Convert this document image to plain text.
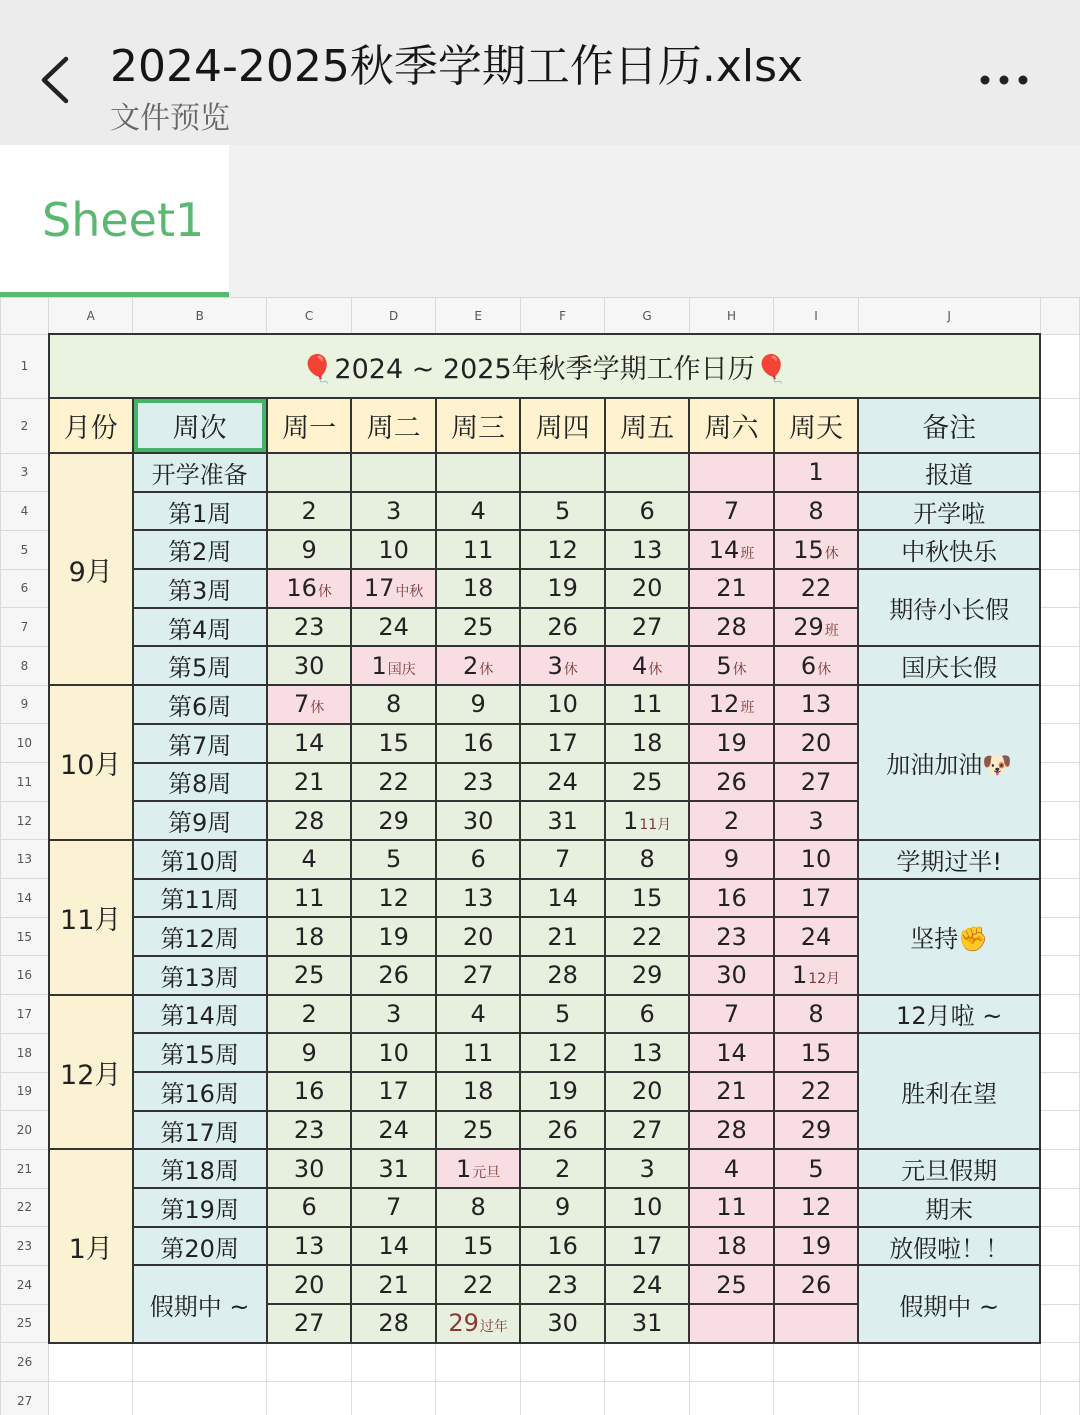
2024-2025秋季学期工作日历.xlsx
文件预览
Sheet1
	A	B	C	D	E	F	G	H	I	J	
1	🎈2024 ~ 2025年秋季学期工作日历🎈										
2	月份	周次	周一	周二	周三	周四	周五	周六	周天	备注	
3	9月	开学准备							1	报道	
4		第1周	2	3	4	5	6	7	8	开学啦	
5		第2周	9	10	11	12	13	14班	15休	中秋快乐	
6		第3周	16休	17中秋	18	19	20	21	22	期待小长假	
7		第4周	23	24	25	26	27	28	29班		
8		第5周	30	1国庆	2休	3休	4休	5休	6休	国庆长假	
9	10月	第6周	7休	8	9	10	11	12班	13	加油加油🐶	
10		第7周	14	15	16	17	18	19	20		
11		第8周	21	22	23	24	25	26	27		
12		第9周	28	29	30	31	111月	2	3		
13	11月	第10周	4	5	6	7	8	9	10	学期过半!	
14		第11周	11	12	13	14	15	16	17	坚持✊	
15		第12周	18	19	20	21	22	23	24		
16		第13周	25	26	27	28	29	30	112月		
17	12月	第14周	2	3	4	5	6	7	8	12月啦 ~	
18		第15周	9	10	11	12	13	14	15	胜利在望	
19		第16周	16	17	18	19	20	21	22		
20		第17周	23	24	25	26	27	28	29		
21	1月	第18周	30	31	1元旦	2	3	4	5	元旦假期	
22		第19周	6	7	8	9	10	11	12	期末	
23		第20周	13	14	15	16	17	18	19	放假啦！！	
24		假期中 ~	20	21	22	23	24	25	26	假期中 ~	
25			27	28	29过年	30	31				
26											
27											
